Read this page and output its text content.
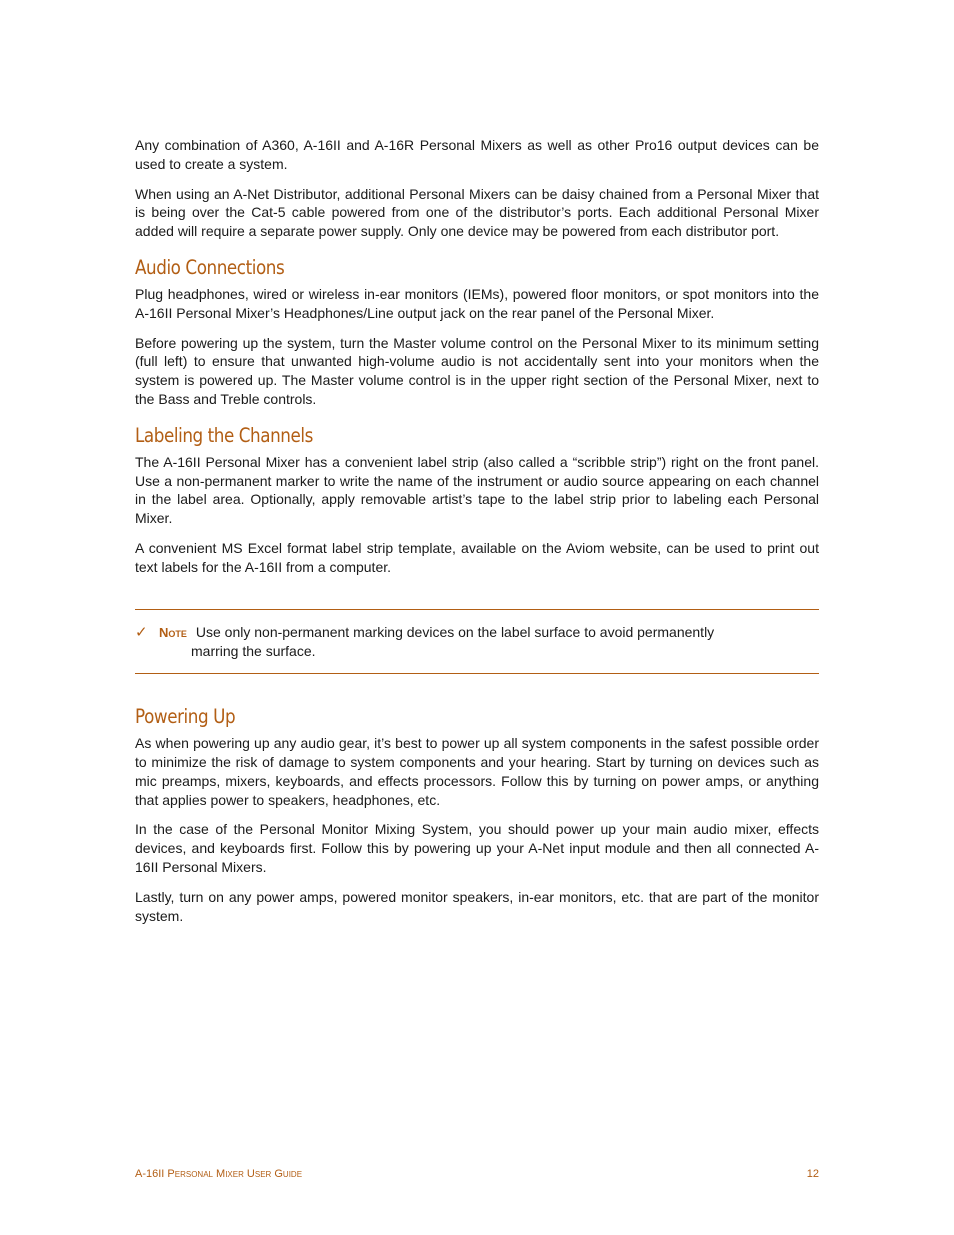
Any combination of A360, A-16II and A-16R Personal Mixers as well as other Pro16 output devices can be used to create a system.

When using an A-Net Distributor, additional Personal Mixers can be daisy chained from a Personal Mixer that is being over the Cat-5 cable powered from one of the distributor’s ports. Each additional Personal Mixer added will require a separate power supply. Only one device may be powered from each distributor port.

Audio Connections

Plug headphones, wired or wireless in-ear monitors (IEMs), powered floor monitors, or spot monitors into the A-16II Personal Mixer’s Headphones/Line output jack on the rear panel of the Personal Mixer.

Before powering up the system, turn the Master volume control on the Personal Mixer to its minimum setting (full left) to ensure that unwanted high-volume audio is not accidentally sent into your monitors when the system is powered up. The Master volume control is in the upper right section of the Personal Mixer, next to the Bass and Treble controls.

Labeling the Channels

The A-16II Personal Mixer has a convenient label strip (also called a “scribble strip”) right on the front panel. Use a non-permanent marker to write the name of the instrument or audio source appearing on each channel in the label area. Optionally, apply removable artist’s tape to the label strip prior to labeling each Personal Mixer.

A convenient MS Excel format label strip template, available on the Aviom website, can be used to print out text labels for the A-16II from a computer.

✓ Note Use only non-permanent marking devices on the label surface to avoid permanently
marring the surface.
Powering Up

As when powering up any audio gear, it’s best to power up all system components in the safest possible order to minimize the risk of damage to system components and your hearing. Start by turning on devices such as mic preamps, mixers, keyboards, and effects processors. Follow this by turning on power amps, or anything that applies power to speakers, headphones, etc.

In the case of the Personal Monitor Mixing System, you should power up your main audio mixer, effects devices, and keyboards first. Follow this by powering up your A-Net input module and then all connected A-16II Personal Mixers.

Lastly, turn on any power amps, powered monitor speakers, in-ear monitors, etc. that are part of the monitor system.

A-16II Personal Mixer User Guide	12
